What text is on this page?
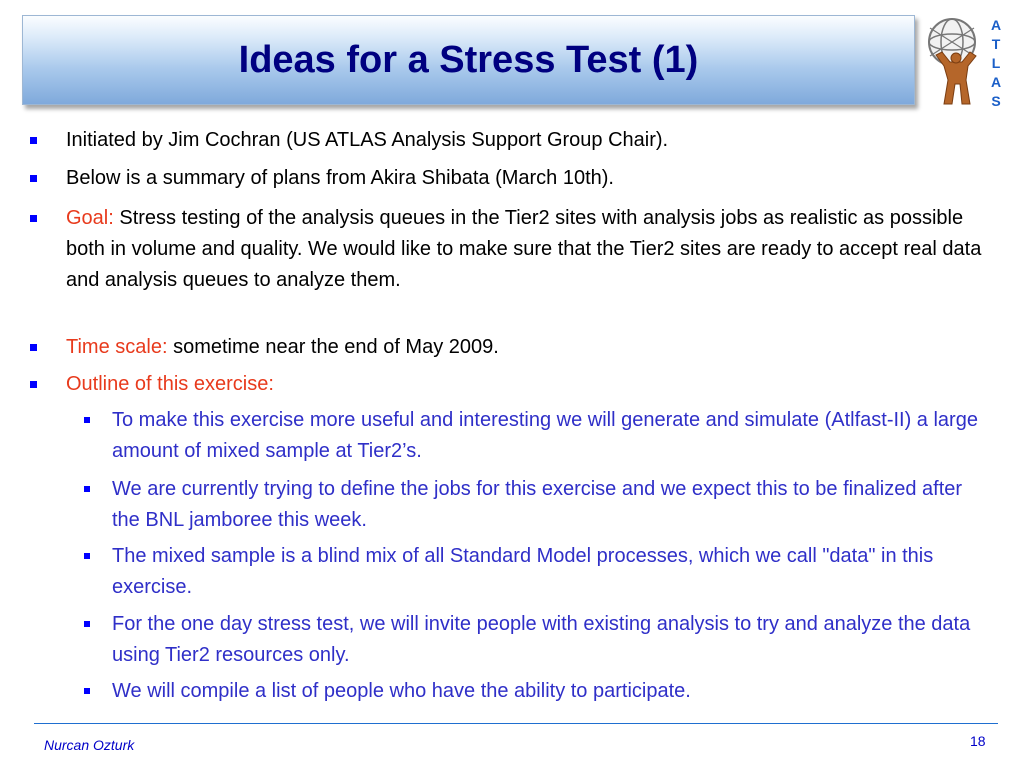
Ideas for a Stress Test (1)
A
T
L
A
S
Initiated by Jim Cochran (US ATLAS Analysis Support Group Chair).
Below is a summary of plans from Akira Shibata (March 10th).
Goal: Stress testing of the analysis queues in the Tier2 sites with analysis jobs as realistic as possible both in volume and quality. We would like to make sure that the Tier2 sites are ready to accept real data and analysis queues to analyze them.
Time scale: sometime near the end of May 2009.
Outline of this exercise:
To make this exercise more useful and interesting we will generate and simulate (Atlfast-II) a large amount of mixed sample at Tier2’s.
We are currently trying to define the jobs for this exercise and we expect this to be finalized after the BNL jamboree this week.
The mixed sample is a blind mix of all Standard Model processes, which we call "data" in this exercise.
For the one day stress test, we will invite people with existing analysis to try and analyze the data using Tier2 resources only.
We will compile a list of people who have the ability to participate.
Nurcan Ozturk	18
